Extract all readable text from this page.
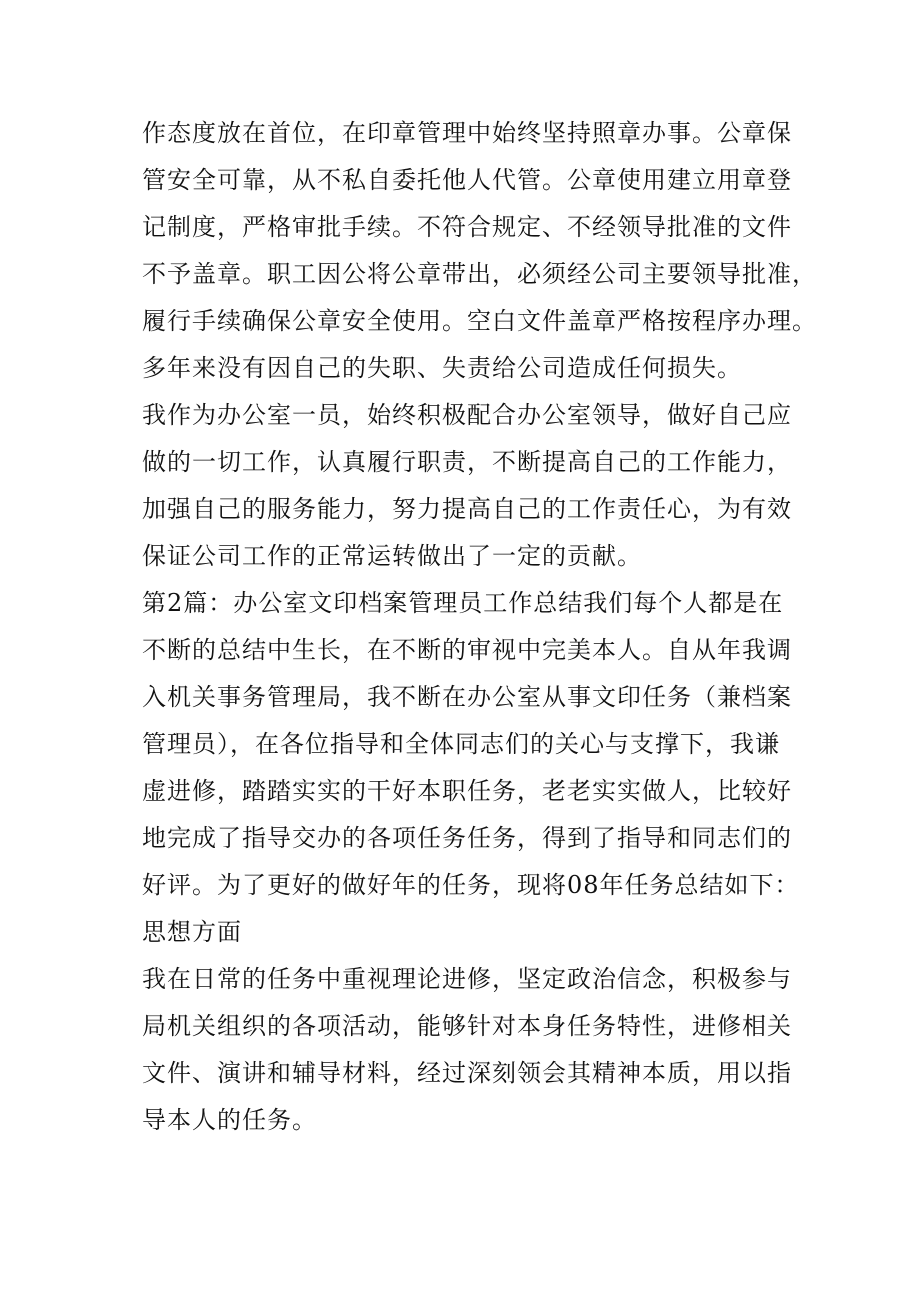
作态度放在首位，在印章管理中始终坚持照章办事。公章保
管安全可靠，从不私自委托他人代管。公章使用建立用章登
记制度，严格审批手续。不符合规定、不经领导批准的文件
不予盖章。职工因公将公章带出，必须经公司主要领导批准，
履行手续确保公章安全使用。空白文件盖章严格按程序办理。
多年来没有因自己的失职、失责给公司造成任何损失。
我作为办公室一员，始终积极配合办公室领导，做好自己应
做的一切工作，认真履行职责，不断提高自己的工作能力，
加强自己的服务能力，努力提高自己的工作责任心，为有效
保证公司工作的正常运转做出了一定的贡献。
第2篇：办公室文印档案管理员工作总结我们每个人都是在
不断的总结中生长，在不断的审视中完美本人。自从年我调
入机关事务管理局，我不断在办公室从事文印任务（兼档案
管理员），在各位指导和全体同志们的关心与支撑下，我谦
虚进修，踏踏实实的干好本职任务，老老实实做人，比较好
地完成了指导交办的各项任务任务，得到了指导和同志们的
好评。为了更好的做好年的任务，现将08年任务总结如下：
思想方面
我在日常的任务中重视理论进修，坚定政治信念，积极参与
局机关组织的各项活动，能够针对本身任务特性，进修相关
文件、演讲和辅导材料，经过深刻领会其精神本质，用以指
导本人的任务。
